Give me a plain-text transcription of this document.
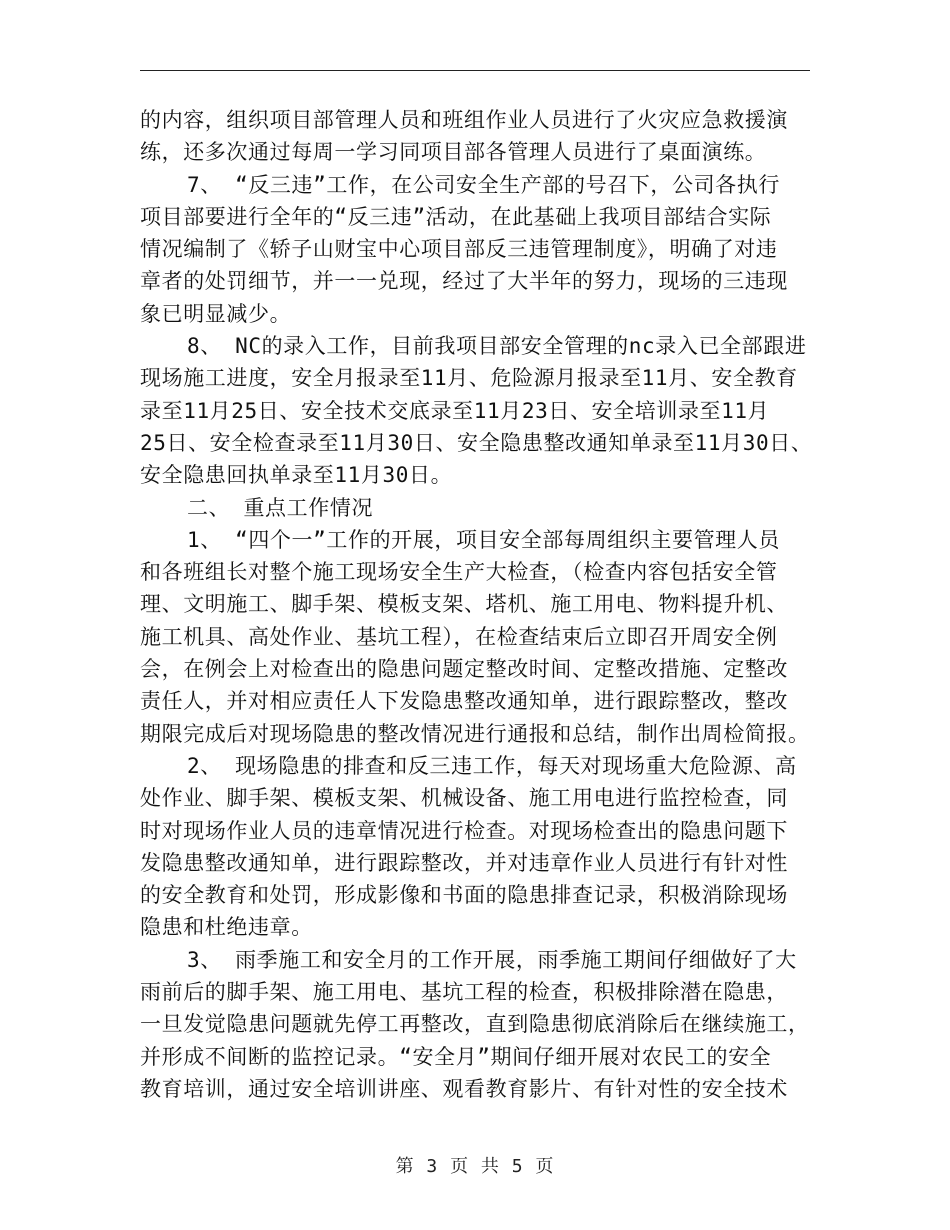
的内容，组织项目部管理人员和班组作业人员进行了火灾应急救援演
练，还多次通过每周一学习同项目部各管理人员进行了桌面演练。
7、 “反三违”工作，在公司安全生产部的号召下，公司各执行
项目部要进行全年的“反三违”活动，在此基础上我项目部结合实际
情况编制了《轿子山财宝中心项目部反三违管理制度》，明确了对违
章者的处罚细节，并一一兑现，经过了大半年的努力，现场的三违现
象已明显减少。
8、 NC的录入工作，目前我项目部安全管理的nc录入已全部跟进
现场施工进度，安全月报录至11月、危险源月报录至11月、安全教育
录至11月25日、安全技术交底录至11月23日、安全培训录至11月
25日、安全检查录至11月30日、安全隐患整改通知单录至11月30日、
安全隐患回执单录至11月30日。
二、 重点工作情况
1、 “四个一”工作的开展，项目安全部每周组织主要管理人员
和各班组长对整个施工现场安全生产大检查，（检查内容包括安全管
理、文明施工、脚手架、模板支架、塔机、施工用电、物料提升机、
施工机具、高处作业、基坑工程），在检查结束后立即召开周安全例
会，在例会上对检查出的隐患问题定整改时间、定整改措施、定整改
责任人，并对相应责任人下发隐患整改通知单，进行跟踪整改，整改
期限完成后对现场隐患的整改情况进行通报和总结，制作出周检简报。
2、 现场隐患的排查和反三违工作，每天对现场重大危险源、高
处作业、脚手架、模板支架、机械设备、施工用电进行监控检查，同
时对现场作业人员的违章情况进行检查。对现场检查出的隐患问题下
发隐患整改通知单，进行跟踪整改，并对违章作业人员进行有针对性
的安全教育和处罚，形成影像和书面的隐患排查记录，积极消除现场
隐患和杜绝违章。
3、 雨季施工和安全月的工作开展，雨季施工期间仔细做好了大
雨前后的脚手架、施工用电、基坑工程的检查，积极排除潜在隐患，
一旦发觉隐患问题就先停工再整改，直到隐患彻底消除后在继续施工，
并形成不间断的监控记录。“安全月”期间仔细开展对农民工的安全
教育培训，通过安全培训讲座、观看教育影片、有针对性的安全技术
第 3 页 共 5 页
